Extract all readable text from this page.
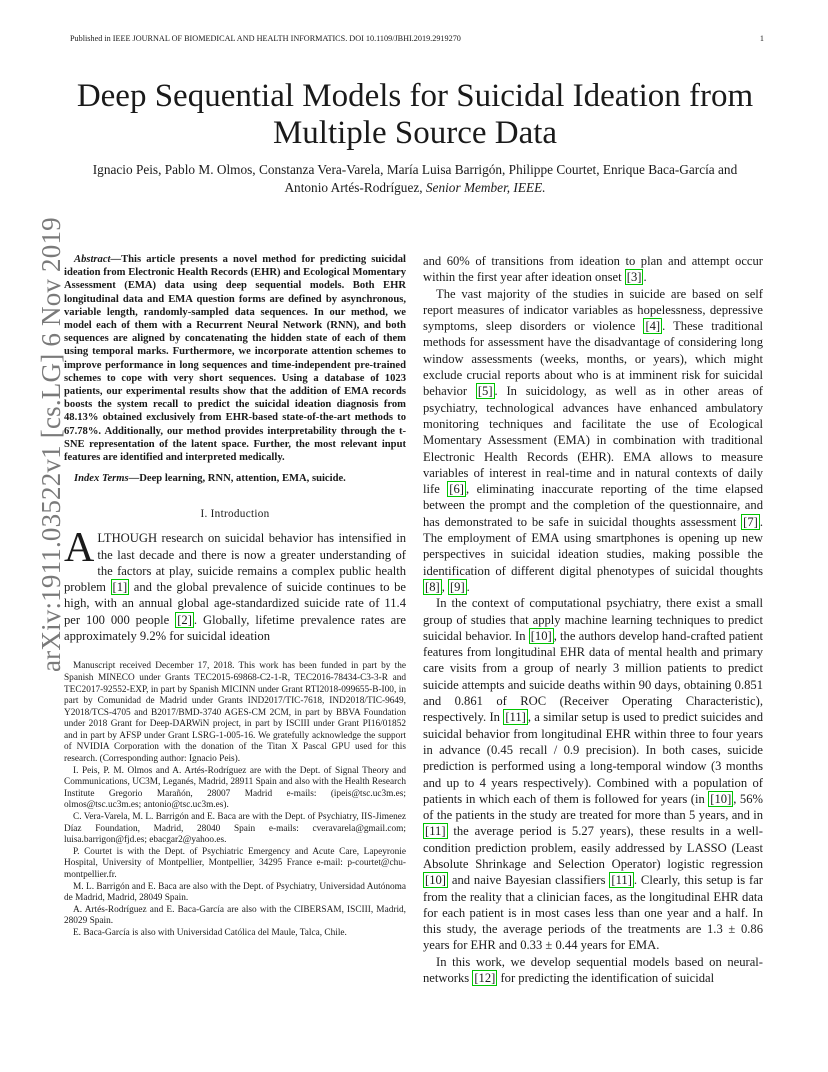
Published in IEEE JOURNAL OF BIOMEDICAL AND HEALTH INFORMATICS. DOI 10.1109/JBHI.2019.2919270	1
arXiv:1911.03522v1 [cs.LG] 6 Nov 2019
Deep Sequential Models for Suicidal Ideation from Multiple Source Data
Ignacio Peis, Pablo M. Olmos, Constanza Vera-Varela, María Luisa Barrigón, Philippe Courtet, Enrique Baca-García and Antonio Artés-Rodríguez, Senior Member, IEEE.

Abstract—This article presents a novel method for predicting suicidal ideation from Electronic Health Records (EHR) and Ecological Momentary Assessment (EMA) data using deep sequential models. Both EHR longitudinal data and EMA question forms are defined by asynchronous, variable length, randomly-sampled data sequences. In our method, we model each of them with a Recurrent Neural Network (RNN), and both sequences are aligned by concatenating the hidden state of each of them using temporal marks. Furthermore, we incorporate attention schemes to improve performance in long sequences and time-independent pre-trained schemes to cope with very short sequences. Using a database of 1023 patients, our experimental results show that the addition of EMA records boosts the system recall to predict the suicidal ideation diagnosis from 48.13% obtained exclusively from EHR-based state-of-the-art methods to 67.78%. Additionally, our method provides interpretability through the t-SNE representation of the latent space. Further, the most relevant input features are identified and interpreted medically.

Index Terms—Deep learning, RNN, attention, EMA, suicide.

I. Introduction

ALTHOUGH research on suicidal behavior has intensified in the last decade and there is now a greater understanding of the factors at play, suicide remains a complex public health problem [1] and the global prevalence of suicide continues to be high, with an annual global age-standardized suicide rate of 11.4 per 100 000 people [2] . Globally, lifetime prevalence rates are approximately 9.2% for suicidal ideation

Manuscript received December 17, 2018. This work has been funded in part by the Spanish MINECO under Grants TEC2015-69868-C2-1-R, TEC2016-78434-C3-3-R and TEC2017-92552-EXP, in part by Spanish MICINN under Grant RTI2018-099655-B-I00, in part by Comunidad de Madrid under Grants IND2017/TIC-7618, IND2018/TIC-9649, Y2018/TCS-4705 and B2017/BMD-3740 AGES-CM 2CM, in part by BBVA Foundation under 2018 Grant for Deep-DARWiN project, in part by ISCIII under Grant PI16/01852 and in part by AFSP under Grant LSRG-1-005-16. We gratefully acknowledge the support of NVIDIA Corporation with the donation of the Titan X Pascal GPU used for this research. (Corresponding author: Ignacio Peis).

I. Peis, P. M. Olmos and A. Artés-Rodríguez are with the Dept. of Signal Theory and Communications, UC3M, Leganés, Madrid, 28911 Spain and also with the Health Research Institute Gregorio Marañón, 28007 Madrid e-mails: (ipeis@tsc.uc3m.es; olmos@tsc.uc3m.es; antonio@tsc.uc3m.es).

C. Vera-Varela, M. L. Barrigón and E. Baca are with the Dept. of Psychiatry, IIS-Jimenez Díaz Foundation, Madrid, 28040 Spain e-mails: cveravarela@gmail.com; luisa.barrigon@fjd.es; ebacgar2@yahoo.es.

P. Courtet is with the Dept. of Psychiatric Emergency and Acute Care, Lapeyronie Hospital, University of Montpellier, Montpellier, 34295 France e-mail: p-courtet@chu-montpellier.fr.

M. L. Barrigón and E. Baca are also with the Dept. of Psychiatry, Universidad Autónoma de Madrid, Madrid, 28049 Spain.

A. Artés-Rodríguez and E. Baca-García are also with the CIBERSAM, ISCIII, Madrid, 28029 Spain.

E. Baca-García is also with Universidad Católica del Maule, Talca, Chile.

and 60% of transitions from ideation to plan and attempt occur within the first year after ideation onset [3] .

The vast majority of the studies in suicide are based on self report measures of indicator variables as hopelessness, depressive symptoms, sleep disorders or violence [4] . These traditional methods for assessment have the disadvantage of considering long window assessments (weeks, months, or years), which might exclude crucial reports about who is at imminent risk for suicidal behavior [5] . In suicidology, as well as in other areas of psychiatry, technological advances have enhanced ambulatory monitoring techniques and facilitate the use of Ecological Momentary Assessment (EMA) in combination with traditional Electronic Health Records (EHR). EMA allows to measure variables of interest in real-time and in natural contexts of daily life [6] , eliminating inaccurate reporting of the time elapsed between the prompt and the completion of the questionnaire, and has demonstrated to be safe in suicidal thoughts assessment [7] . The employment of EMA using smartphones is opening up new perspectives in suicidal ideation studies, making possible the identification of different digital phenotypes of suicidal thoughts [8] , [9] .

In the context of computational psychiatry, there exist a small group of studies that apply machine learning techniques to predict suicidal behavior. In [10] , the authors develop hand-crafted patient features from longitudinal EHR data of mental health and primary care visits from a group of nearly 3 million patients to predict suicide attempts and suicide deaths within 90 days, obtaining 0.851 and 0.861 of ROC (Receiver Operating Characteristic), respectively. In [11] , a similar setup is used to predict suicides and suicidal behavior from longitudinal EHR within three to four years in advance (0.45 recall / 0.9 precision). In both cases, suicide prediction is performed using a long-temporal window (3 months and up to 4 years respectively). Combined with a population of patients in which each of them is followed for years (in [10] , 56% of the patients in the study are treated for more than 5 years, and in [11] the average period is 5.27 years), these results in a well-condition prediction problem, easily addressed by LASSO (Least Absolute Shrinkage and Selection Operator) logistic regression [10] and naive Bayesian classifiers [11] . Clearly, this setup is far from the reality that a clinician faces, as the longitudinal EHR data for each patient is in most cases less than one year and a half. In this study, the average periods of the treatments are 1.3 ± 0.86 years for EHR and 0.33 ± 0.44 years for EMA.

In this work, we develop sequential models based on neural-networks [12] for predicting the identification of suicidal
